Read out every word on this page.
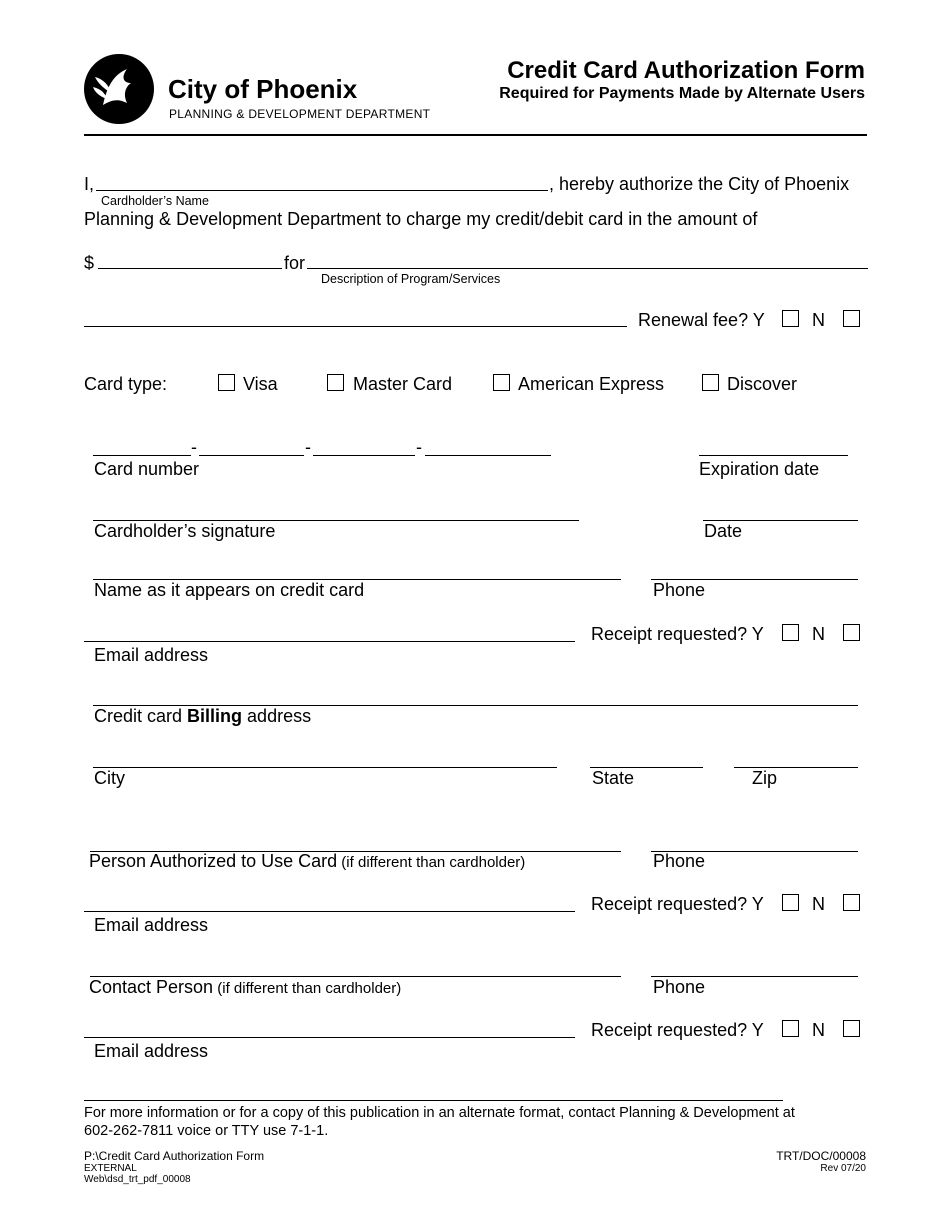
City of Phoenix
PLANNING & DEVELOPMENT DEPARTMENT
Credit Card Authorization Form
Required for Payments Made by Alternate Users
I,	, hereby authorize the City of Phoenix
Cardholder’s Name
Planning & Development Department to charge my credit/debit card in the amount of
$	for
Description of Program/Services
Renewal fee? Y	N
Card type:	Visa	Master Card	American Express	Discover
-	-	-
Card number	Expiration date
Cardholder’s signature	Date
Name as it appears on credit card	Phone
Email address
Receipt requested? Y	N
Credit card Billing address
City	State	Zip
Person Authorized to Use Card (if different than cardholder)	Phone
Email address
Receipt requested? Y	N
Contact Person (if different than cardholder)	Phone
Email address
Receipt requested? Y	N
For more information or for a copy of this publication in an alternate format, contact Planning & Development at
602-262-7811 voice or TTY use 7-1-1.
P:\Credit Card Authorization Form
EXTERNAL
Web\dsd_trt_pdf_00008
TRT/DOC/00008
Rev 07/20
